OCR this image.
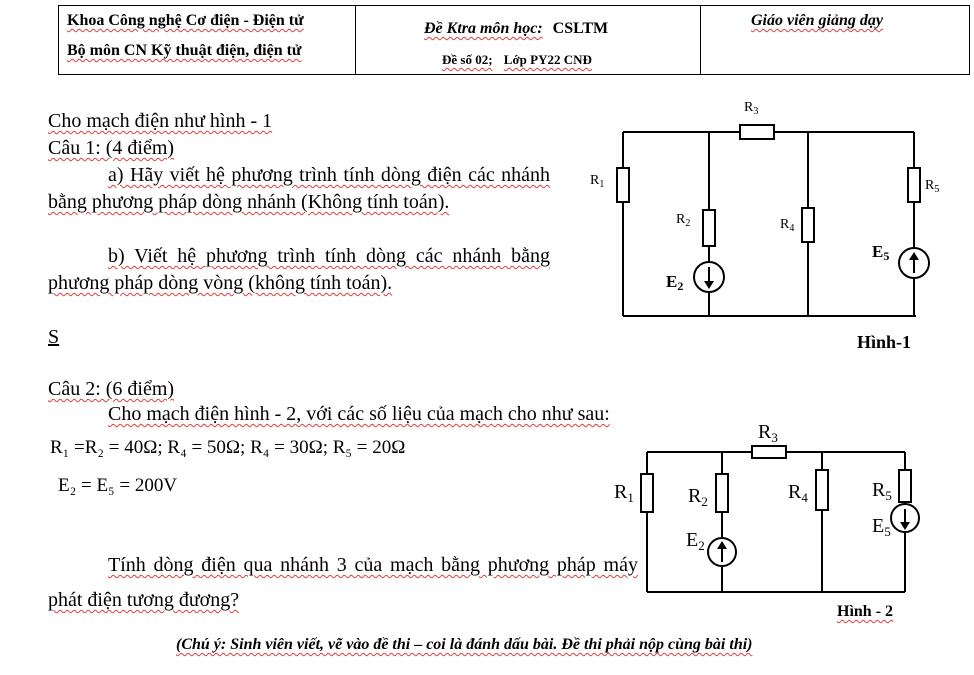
Khoa Công nghệ Cơ điện - Điện tử
Bộ môn CN Kỹ thuật điện, điện tử

Đề Ktra môn học: CSLTM
Đề số 02; Lớp PY22 CNĐ

Giáo viên giảng dạy
Cho mạch điện như hình - 1
Câu 1: (4 điểm)
a) Hãy viết hệ phương trình tính dòng điện các nhánh bằng phương pháp dòng nhánh (Không tính toán).
b) Viết hệ phương trình tính dòng các nhánh bằng phương pháp dòng vòng (không tính toán).
S
$R_3$
$R_1$
$R_2$	$R_4$
$R_5$
E2
E5
Hình-1
Câu 2: (6 điểm)
Cho mạch điện hình - 2, với các số liệu của mạch cho như sau:
R₁ =R₂ = 40Ω; R₄ = 50Ω; R₄ = 30Ω; R₅ = 20Ω
E₂ = E₅ = 200V
Tính dòng điện qua nhánh 3 của mạch bằng phương pháp máy phát điện tương đương?
$R_3$
$R_1$	$R_2$	$R_4$	$R_5$
$E_2$
$E_5$
Hình - 2
(Chú ý: Sinh viên viết, vẽ vào đề thi – coi là đánh dấu bài. Đề thi phải nộp cùng bài thi)
